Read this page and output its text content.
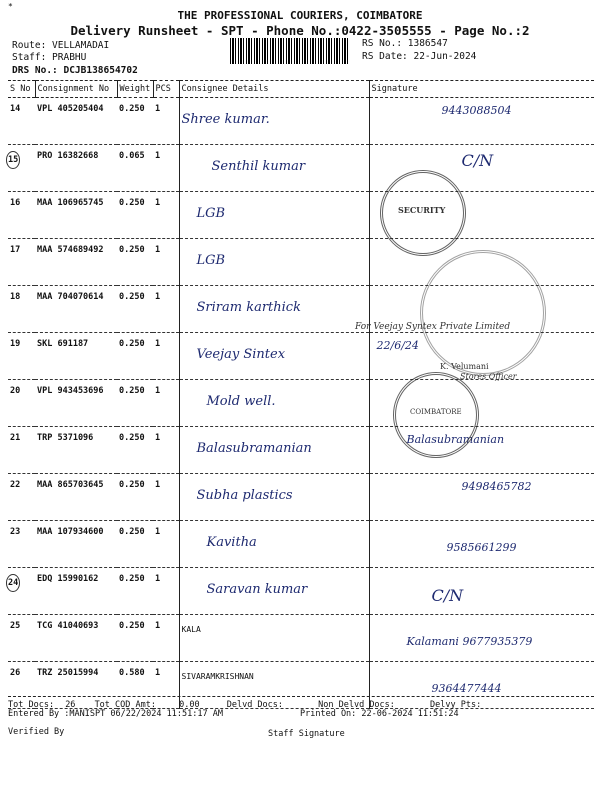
*
THE PROFESSIONAL COURIERS, COIMBATORE
Delivery Runsheet - SPT - Phone No.:0422-3505555 - Page No.:2
Route: VELLAMADAI
Staff: PRABHU
DRS No.: DCJB138654702
RS No.: 1386547
RS Date: 22-Jun-2024
S No	Consignment No	Weight	PCS	Consignee Details	Signature
14	VPL 405205404	0.250	1	Shree kumar.	9443088504
15	PRO 16382668	0.065	1	Senthil kumar	C/N
16	MAA 106965745	0.250	1	LGB	
17	MAA 574689492	0.250	1	LGB	
18	MAA 704070614	0.250	1	Sriram karthick	
19	SKL 691187	0.250	1	Veejay Sintex	22/6/24
20	VPL 943453696	0.250	1	Mold well.	
21	TRP 5371096	0.250	1	Balasubramanian	Balasubramanian
22	MAA 865703645	0.250	1	Subha plastics	9498465782
23	MAA 107934600	0.250	1	Kavitha	9585661299
24	EDQ 15990162	0.250	1	Saravan kumar	C/N
25	TCG 41040693	0.250	1	KALA	Kalamani 9677935379
26	TRZ 25015994	0.580	1	SIVARAMKRISHNAN	9364477444
SECURITY
For Veejay Syntex Private Limited
K. Velumani
Stores Officer
COIMBATORE
Tot Docs: 26 Tot COD Amt:	0.00	Delvd Docs:	Non Delvd Docs:	Delvy Pts:
Entered By :MANISPT 06/22/2024 11:51:17 AM	Printed On: 22-06-2024 11:51:24
Verified By	Staff Signature
